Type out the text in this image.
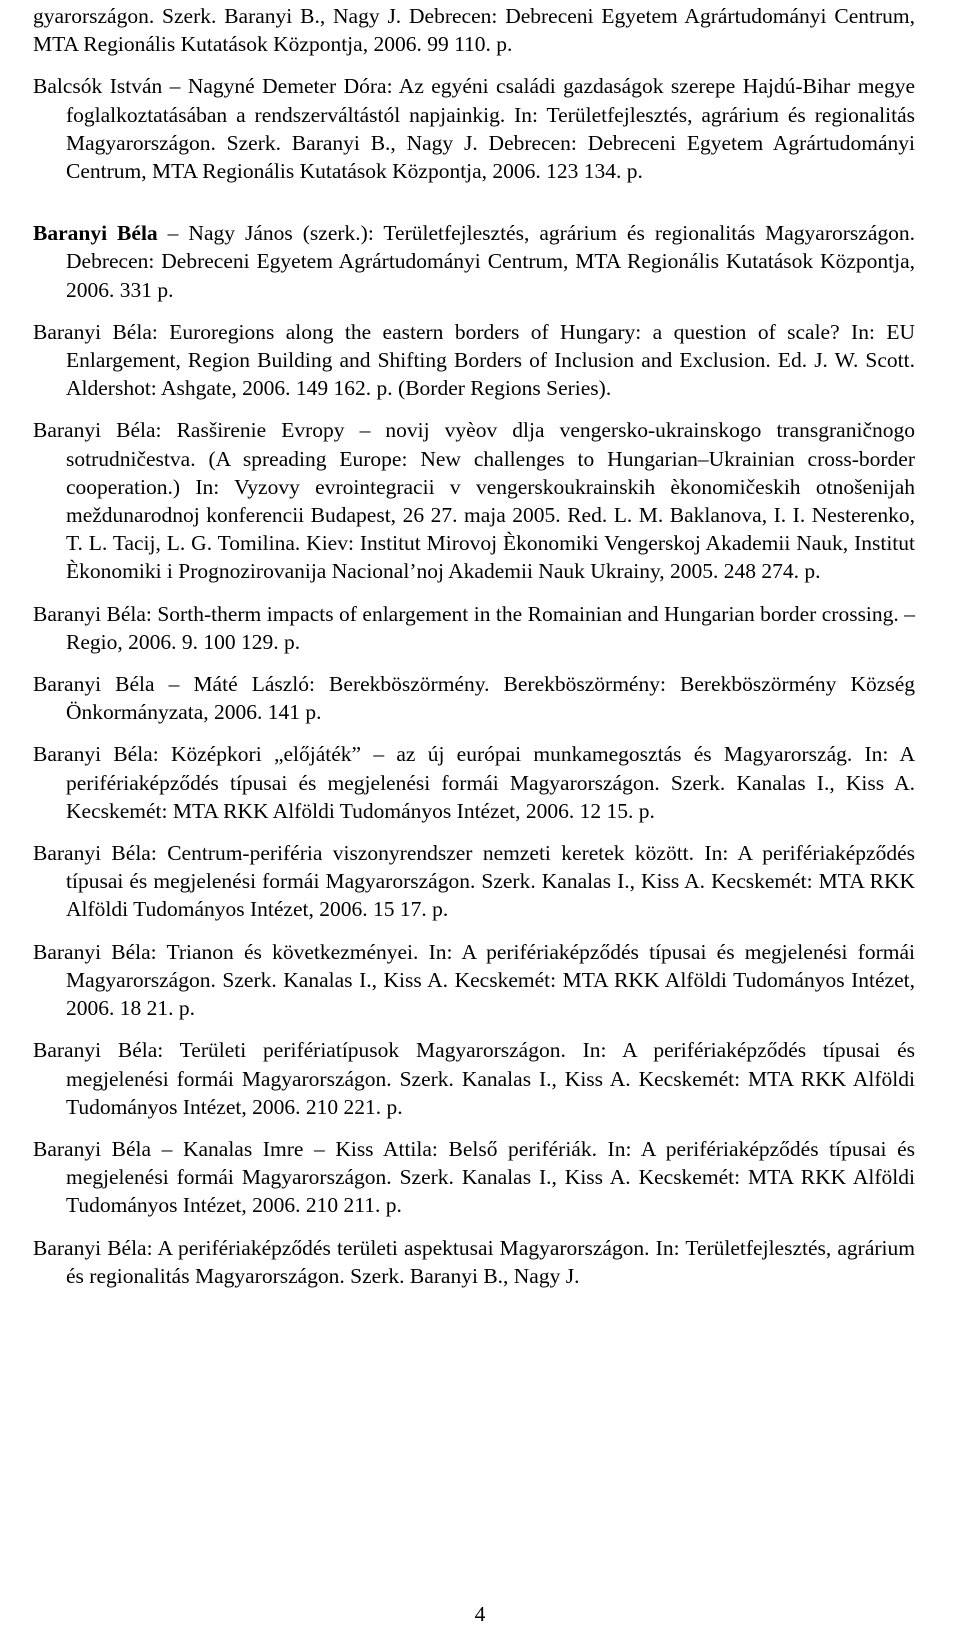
gyarországon. Szerk. Baranyi B., Nagy J. Debrecen: Debreceni Egyetem Agrártudományi Centrum, MTA Regionális Kutatások Központja, 2006. 99 110. p.

Balcsók István – Nagyné Demeter Dóra: Az egyéni családi gazdaságok szerepe Hajdú-Bihar megye foglalkoztatásában a rendszerváltástól napjainkig. In: Területfejlesztés, agrárium és regionalitás Magyarországon. Szerk. Baranyi B., Nagy J. Debrecen: Debreceni Egyetem Agrártudományi Centrum, MTA Regionális Kutatások Központja, 2006. 123 134. p.

Baranyi Béla – Nagy János (szerk.): Területfejlesztés, agrárium és regionalitás Magyarországon. Debrecen: Debreceni Egyetem Agrártudományi Centrum, MTA Regionális Kutatások Központja, 2006. 331 p.

Baranyi Béla: Euroregions along the eastern borders of Hungary: a question of scale? In: EU Enlargement, Region Building and Shifting Borders of Inclusion and Exclusion. Ed. J. W. Scott. Aldershot: Ashgate, 2006. 149 162. p. (Border Regions Series).

Baranyi Béla: Rasširenie Evropy – novij vyèov dlja vengersko-ukrainskogo transgraničnogo sotrudničestva. (A spreading Europe: New challenges to Hungarian–Ukrainian cross-border cooperation.) In: Vyzovy evrointegracii v vengerskoukrainskih èkonomičeskih otnošenijah meždunarodnoj konferencii Budapest, 26 27. maja 2005. Red. L. M. Baklanova, I. I. Nesterenko, T. L. Tacij, L. G. Tomilina. Kiev: Institut Mirovoj Èkonomiki Vengerskoj Akademii Nauk, Institut Èkonomiki i Prognozirovanija Nacional’noj Akademii Nauk Ukrainy, 2005. 248 274. p.

Baranyi Béla: Sorth-therm impacts of enlargement in the Romainian and Hungarian border crossing. – Regio, 2006. 9. 100 129. p.

Baranyi Béla – Máté László: Berekböszörmény. Berekböszörmény: Berekböszörmény Község Önkormányzata, 2006. 141 p.

Baranyi Béla: Középkori „előjáték” – az új európai munkamegosztás és Magyarország. In: A perifériaképződés típusai és megjelenési formái Magyarországon. Szerk. Kanalas I., Kiss A. Kecskemét: MTA RKK Alföldi Tudományos Intézet, 2006. 12 15. p.

Baranyi Béla: Centrum-periféria viszonyrendszer nemzeti keretek között. In: A perifériaképződés típusai és megjelenési formái Magyarországon. Szerk. Kanalas I., Kiss A. Kecskemét: MTA RKK Alföldi Tudományos Intézet, 2006. 15 17. p.

Baranyi Béla: Trianon és következményei. In: A perifériaképződés típusai és megjelenési formái Magyarországon. Szerk. Kanalas I., Kiss A. Kecskemét: MTA RKK Alföldi Tudományos Intézet, 2006. 18 21. p.

Baranyi Béla: Területi perifériatípusok Magyarországon. In: A perifériaképződés típusai és megjelenési formái Magyarországon. Szerk. Kanalas I., Kiss A. Kecskemét: MTA RKK Alföldi Tudományos Intézet, 2006. 210 221. p.

Baranyi Béla – Kanalas Imre – Kiss Attila: Belső perifériák. In: A perifériaképződés típusai és megjelenési formái Magyarországon. Szerk. Kanalas I., Kiss A. Kecskemét: MTA RKK Alföldi Tudományos Intézet, 2006. 210 211. p.

Baranyi Béla: A perifériaképződés területi aspektusai Magyarországon. In: Területfejlesztés, agrárium és regionalitás Magyarországon. Szerk. Baranyi B., Nagy J.

4
